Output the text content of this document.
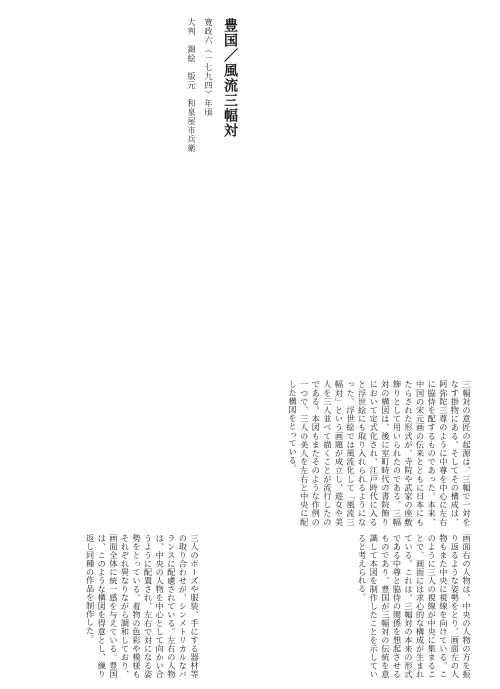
豊国／風流三幅対
寛政六（一七九四）年頃
大判　錦絵　版元　和泉屋市兵衛
三幅対の意匠の起源は、三幅で一対をなす掛物にある。そしてその構成は、阿弥陀三尊のように中尊を中心に左右に脇侍を配するものであった。本来、中国の宋元画の伝来とともに日本にもたらされた形式が、寺院や武家の座敷飾りとして用いられたのである。三幅対の構図は、後に室町時代の書院飾りにおいて定式化され、江戸時代に入ると浮世絵にも取り入れられるようになった。浮世絵では風流化して「風流三幅対」という画題が成立し、遊女や美人を三人並べて描くことが流行したのである。本図もまたそのような作例の一つで、三人の美人を左右と中央に配した構図をとっている。
画面右の人物は、中央の人物の方を振り返るような姿勢をとり、画面左の人物もまた中央に視線を向けている。このように三人の視線が中央に集まることで、画面には求心的な構成が生まれている。これは、三幅対の本来の形式である中尊と脇侍の関係を想起させるものであり、豊国が三幅対の伝統を意識して本図を制作したことを示していると考えられる。
三人のポーズや服装、手にする器材等の取り合わせが、シンメトリカルなバランスに配慮されている。左右の人物は、中央の人物を中心として向かい合うように配置され、左右で対になる姿勢をとっている。着物の色彩や模様もそれぞれ異なりながら調和しており、画面全体に統一感を与えている。豊国は、このような構図を得意とし、繰り返し同種の作品を制作した。
